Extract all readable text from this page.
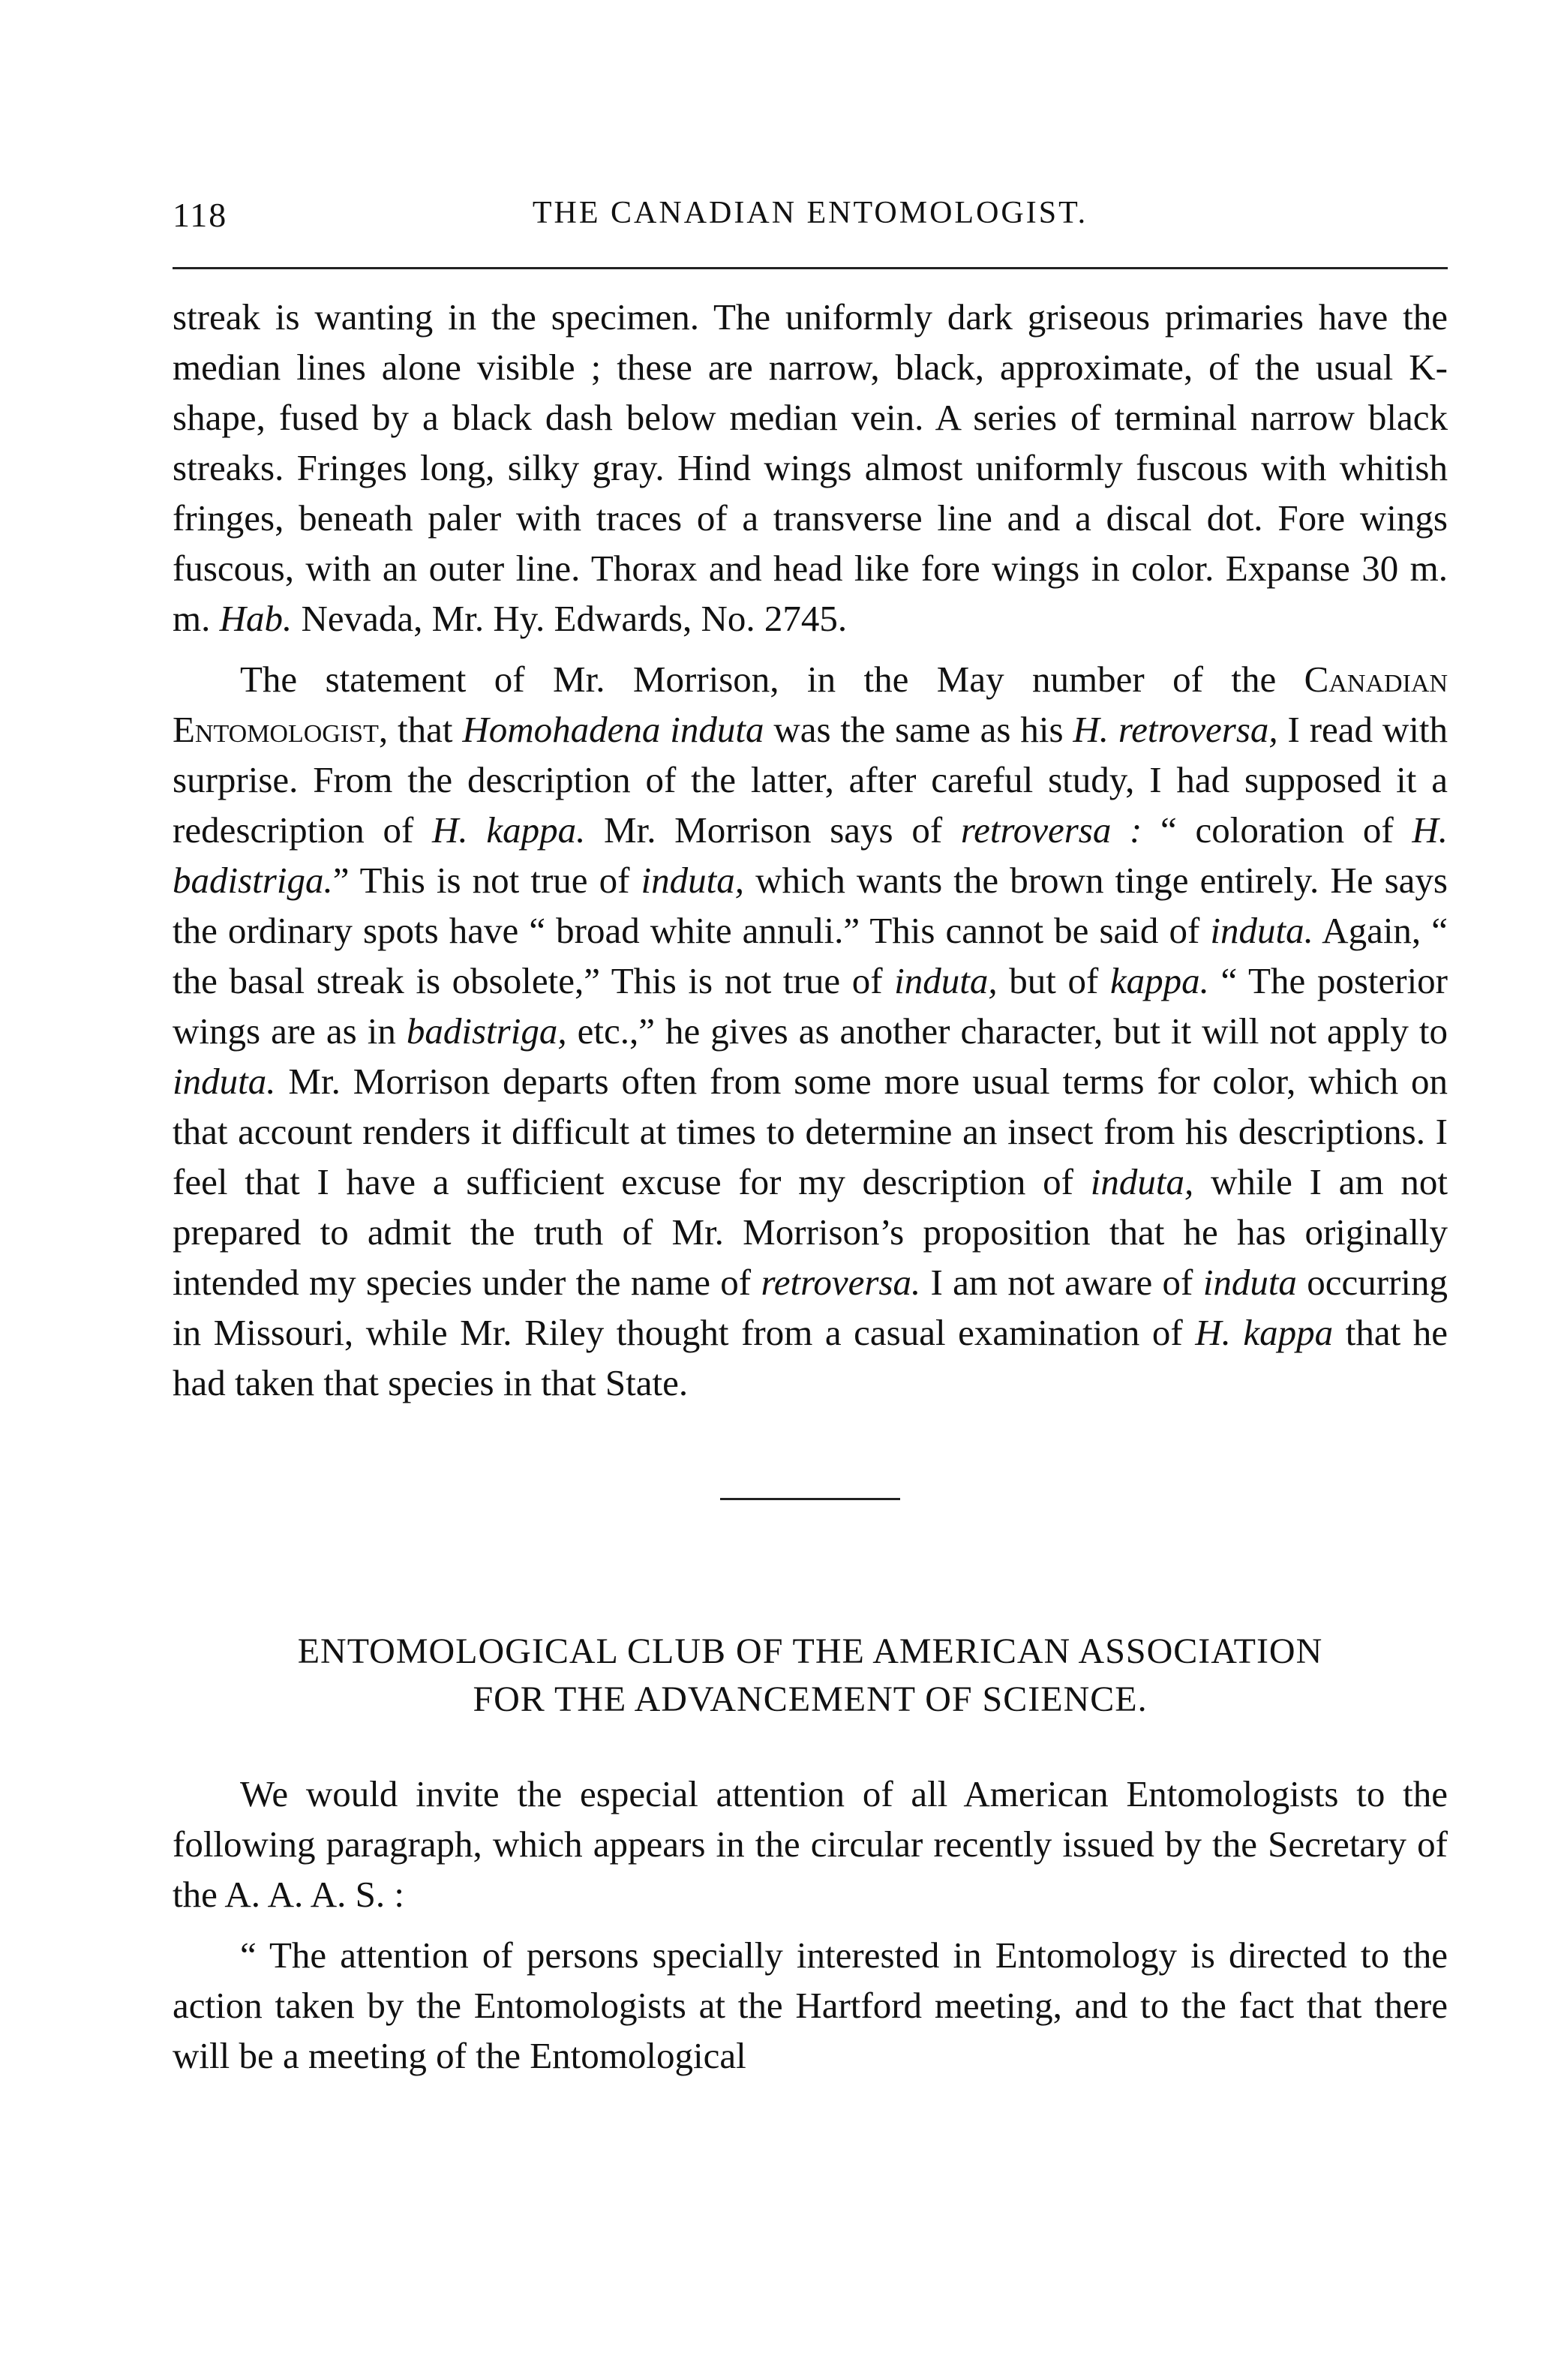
118	THE CANADIAN ENTOMOLOGIST.

streak is wanting in the specimen. The uniformly dark griseous primaries have the median lines alone visible ; these are narrow, black, approximate, of the usual K-shape, fused by a black dash below median vein. A series of terminal narrow black streaks. Fringes long, silky gray. Hind wings almost uniformly fuscous with whitish fringes, beneath paler with traces of a transverse line and a discal dot. Fore wings fuscous, with an outer line. Thorax and head like fore wings in color. Expanse 30 m. m. Hab. Nevada, Mr. Hy. Edwards, No. 2745.

The statement of Mr. Morrison, in the May number of the Canadian Entomologist, that Homohadena induta was the same as his H. retroversa, I read with surprise. From the description of the latter, after careful study, I had supposed it a redescription of H. kappa. Mr. Morrison says of retroversa : “ coloration of H. badistriga.” This is not true of induta, which wants the brown tinge entirely. He says the ordinary spots have “ broad white annuli.” This cannot be said of induta. Again, “ the basal streak is obsolete,” This is not true of induta, but of kappa. “ The posterior wings are as in badistriga, etc.,” he gives as another character, but it will not apply to induta. Mr. Morrison departs often from some more usual terms for color, which on that account renders it difficult at times to determine an insect from his descriptions. I feel that I have a sufficient excuse for my description of induta, while I am not prepared to admit the truth of Mr. Morrison’s proposition that he has originally intended my species under the name of retroversa. I am not aware of induta occurring in Missouri, while Mr. Riley thought from a casual examination of H. kappa that he had taken that species in that State.

ENTOMOLOGICAL CLUB OF THE AMERICAN ASSOCIATION
FOR THE ADVANCEMENT OF SCIENCE.

We would invite the especial attention of all American Entomologists to the following paragraph, which appears in the circular recently issued by the Secretary of the A. A. A. S. :

“ The attention of persons specially interested in Entomology is directed to the action taken by the Entomologists at the Hartford meeting, and to the fact that there will be a meeting of the Entomological
